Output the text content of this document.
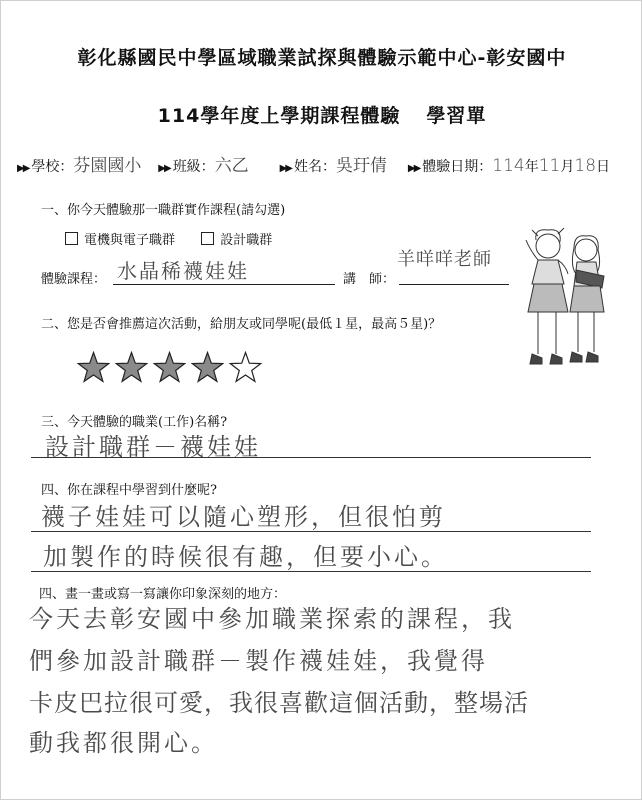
彰化縣國民中學區域職業試探與體驗示範中心-彰安國中
114學年度上學期課程體驗 學習單
▶▶ 學校：芬園國小 ▶▶ 班級：六乙	▶▶ 姓名：吳玗倩 ▶▶ 體驗日期：114年11月18日
一、你今天體驗那一職群實作課程(請勾選)
電機與電子職群	設計職群
體驗課程： 水晶稀襪娃娃	講　師：
羊咩咩老師
二、您是否會推薦這次活動，給朋友或同學呢(最低１星，最高５星)？
三、今天體驗的職業(工作)名稱?
設計職群－襪娃娃
四、你在課程中學習到什麼呢?
襪子娃娃可以隨心塑形，但很怕剪
加製作的時候很有趣，但要小心。
四、畫一畫或寫一寫讓你印象深刻的地方：
今天去彰安國中參加職業探索的課程，我
們參加設計職群－製作襪娃娃，我覺得
卡皮巴拉很可愛，我很喜歡這個活動，整場活
動我都很開心。
